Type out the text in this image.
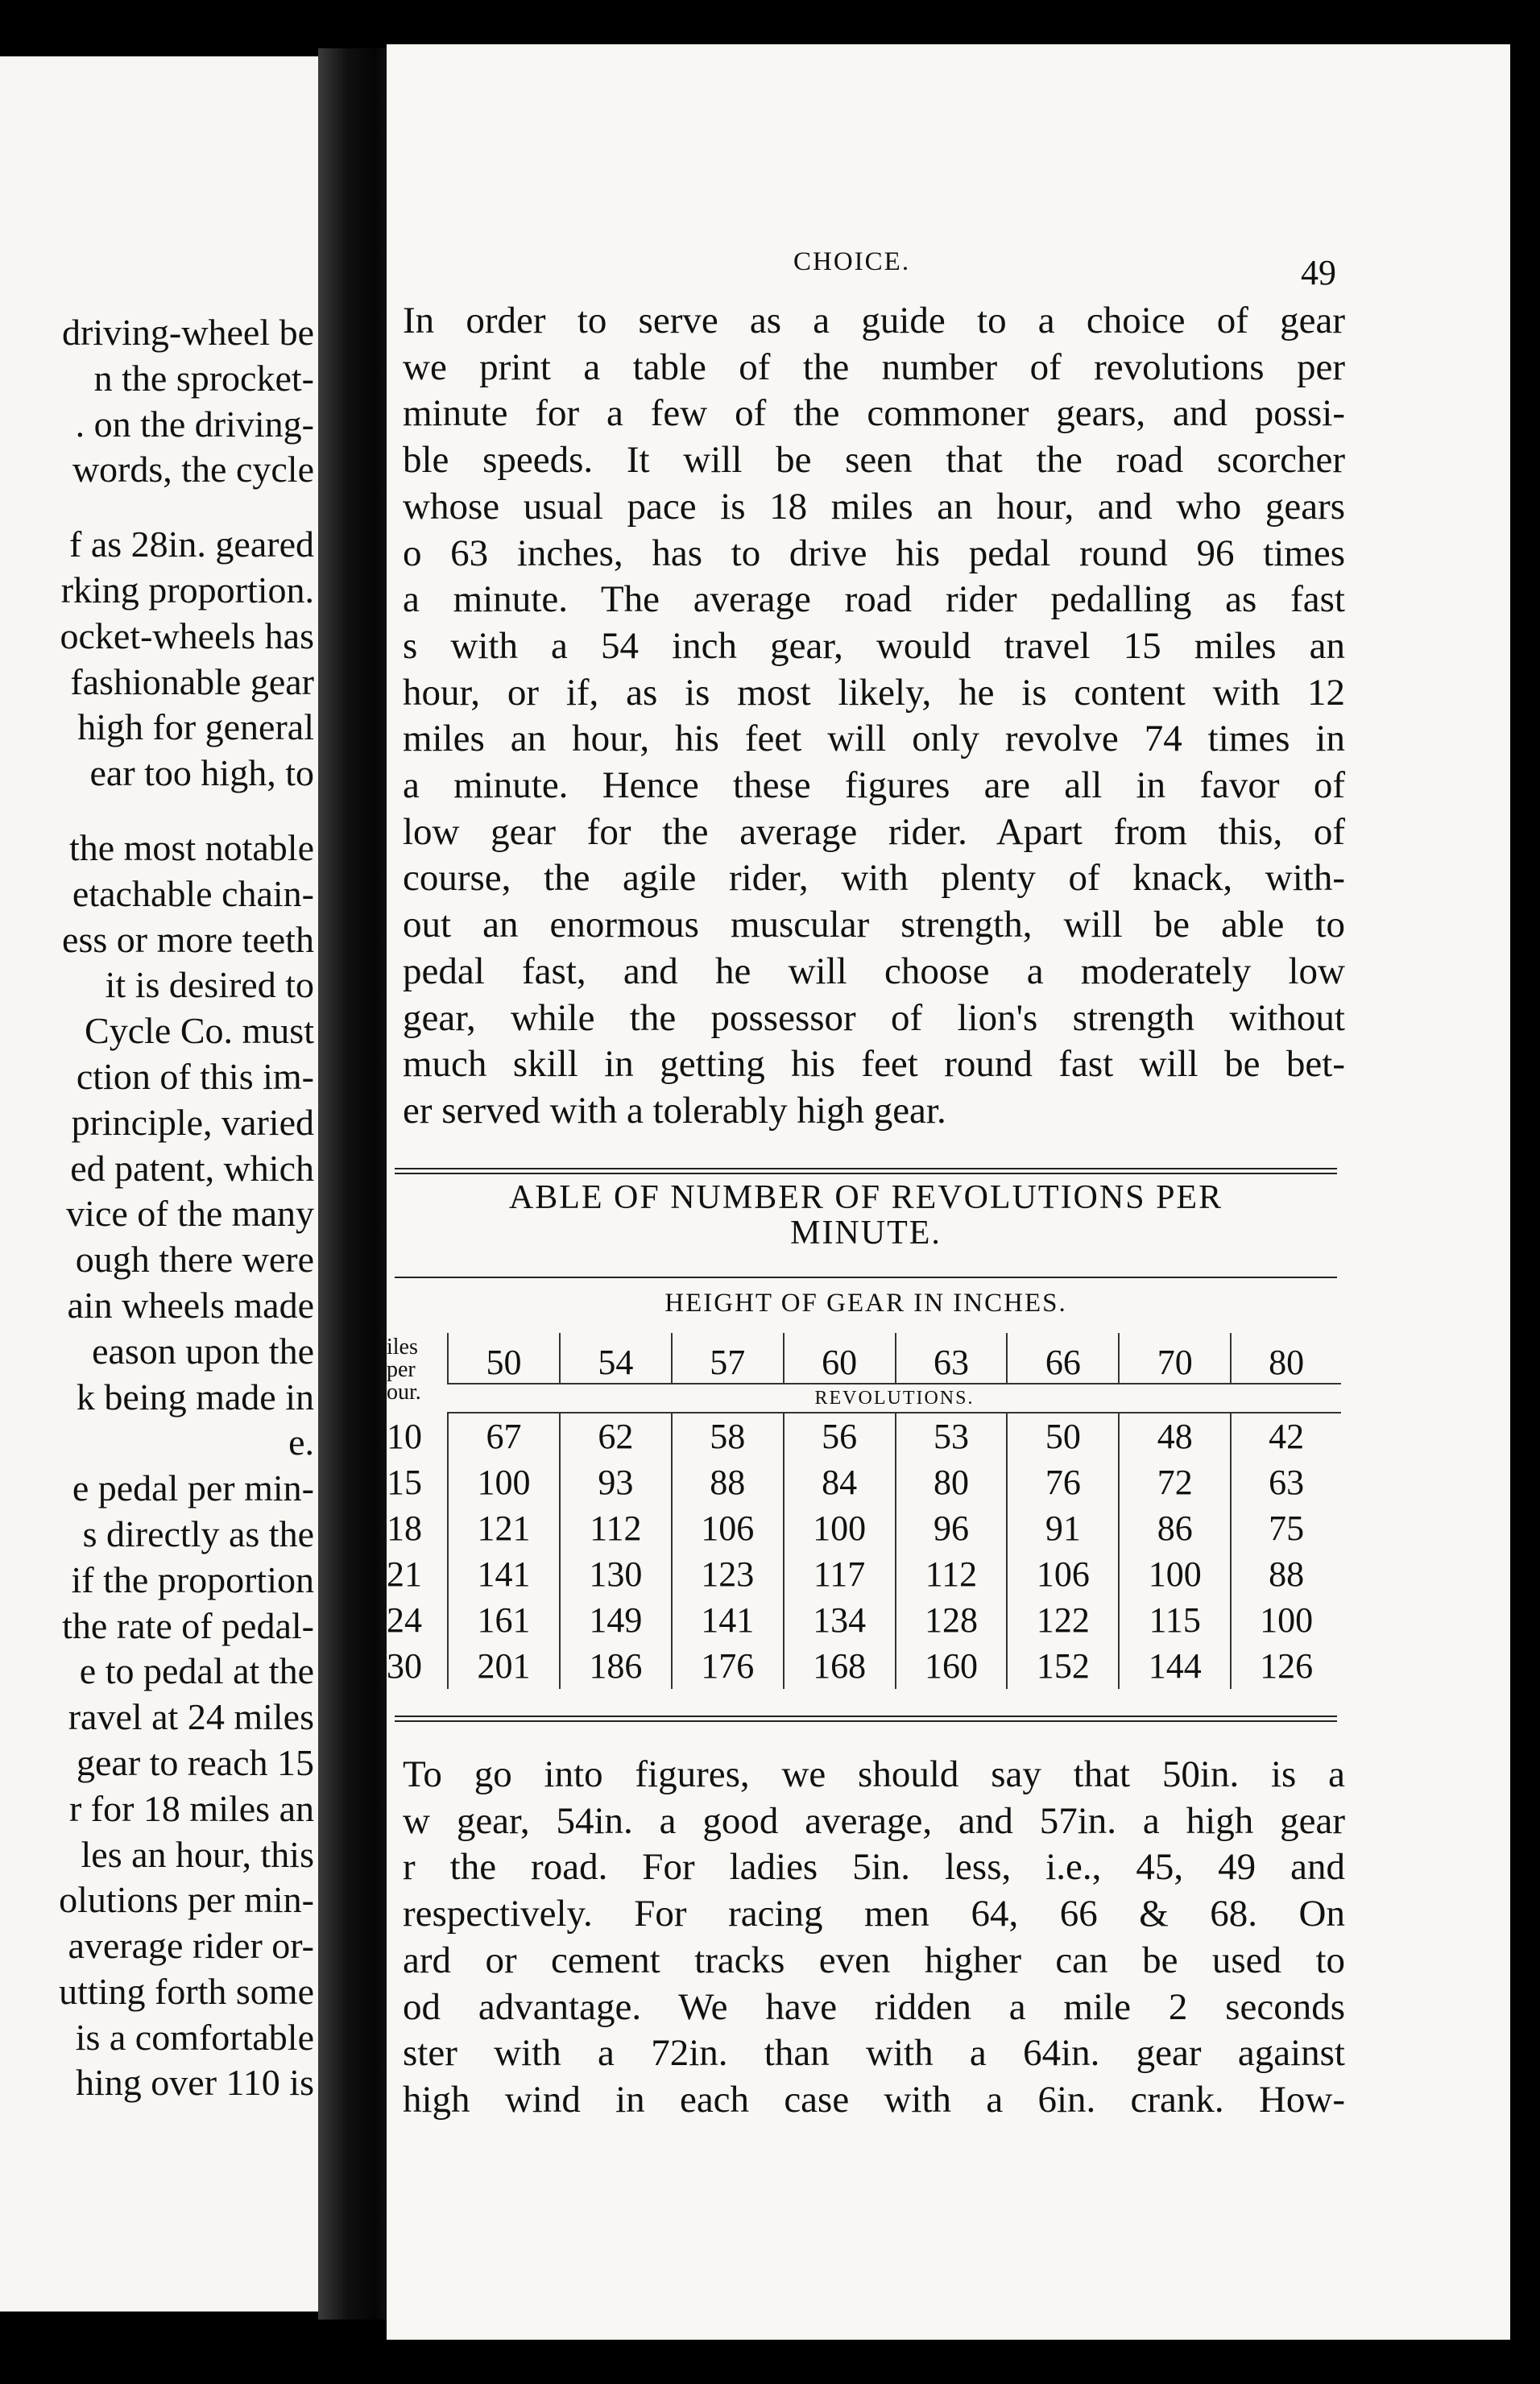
driving-wheel be
n the sprocket-
. on the driving-
words, the cycle
f as 28in. geared
rking proportion.
ocket-wheels has
fashionable gear
high for general
ear too high, to
the most notable
etachable chain-
ess or more teeth
it is desired to
Cycle Co. must
ction of this im-
principle, varied
ed patent, which
vice of the many
ough there were
ain wheels made
eason upon the
k being made in
e.
e pedal per min-
s directly as the
if the proportion
the rate of pedal-
e to pedal at the
ravel at 24 miles
gear to reach 15
r for 18 miles an
les an hour, this
olutions per min-
average rider or-
utting forth some
is a comfortable
hing over 110 is
CHOICE.	49
In order to serve as a guide to a choice of gear
we print a table of the number of revolutions per
minute for a few of the commoner gears, and possi-
ble speeds. It will be seen that the road scorcher
whose usual pace is 18 miles an hour, and who gears
o 63 inches, has to drive his pedal round 96 times
a minute. The average road rider pedalling as fast
s with a 54 inch gear, would travel 15 miles an
hour, or if, as is most likely, he is content with 12
miles an hour, his feet will only revolve 74 times in
a minute. Hence these figures are all in favor of
low gear for the average rider. Apart from this, of
course, the agile rider, with plenty of knack, with-
out an enormous muscular strength, will be able to
pedal fast, and he will choose a moderately low
gear, while the possessor of lion's strength without
much skill in getting his feet round fast will be bet-
er served with a tolerably high gear.
ABLE OF NUMBER OF REVOLUTIONS PER
MINUTE.
HEIGHT OF GEAR IN INCHES.
iles per our.	50	54	57	60	63	66	70	80
	REVOLUTIONS.							
10	67	62	58	56	53	50	48	42
15	100	93	88	84	80	76	72	63
18	121	112	106	100	96	91	86	75
21	141	130	123	117	112	106	100	88
24	161	149	141	134	128	122	115	100
30	201	186	176	168	160	152	144	126
To go into figures, we should say that 50in. is a
w gear, 54in. a good average, and 57in. a high gear
r the road. For ladies 5in. less, i.e., 45, 49 and
respectively. For racing men 64, 66 & 68. On
ard or cement tracks even higher can be used to
od advantage. We have ridden a mile 2 seconds
ster with a 72in. than with a 64in. gear against
high wind in each case with a 6in. crank. How-
